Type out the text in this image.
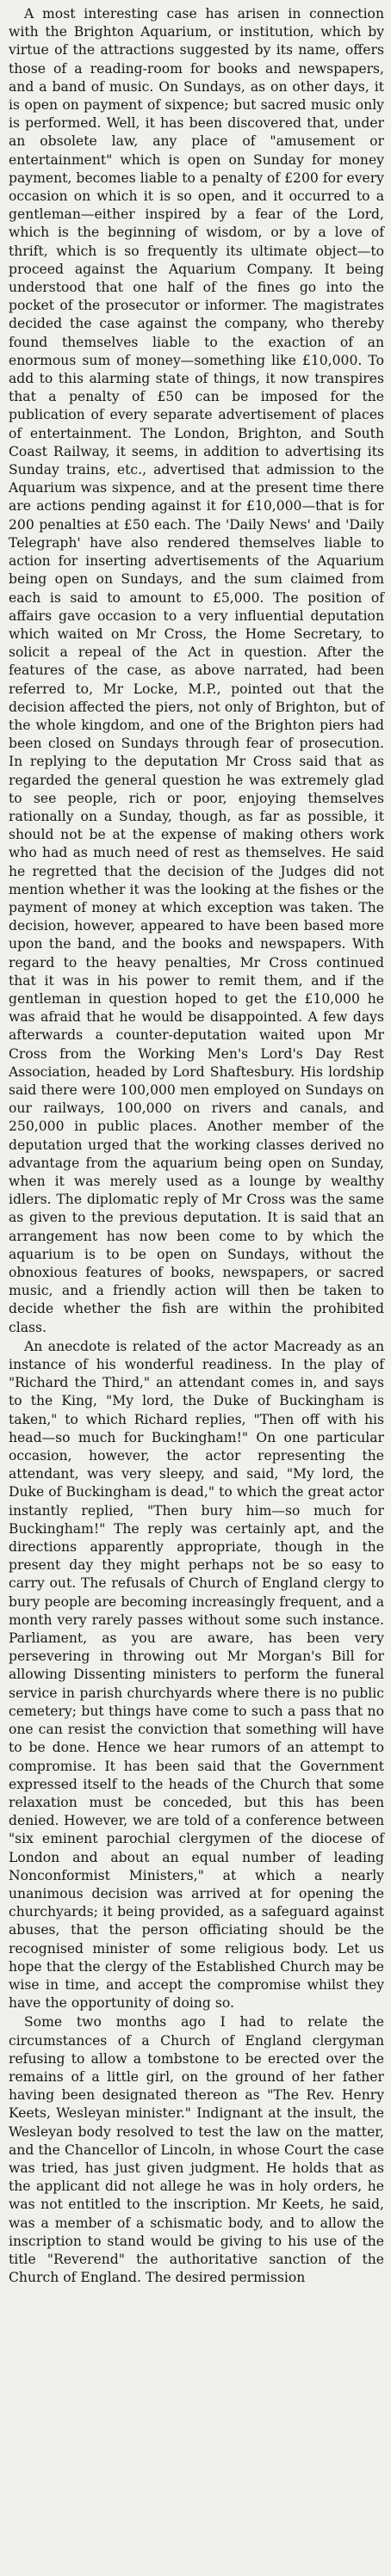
A most interesting case has arisen in connection with the Brighton Aquarium, or institution, which by virtue of the attractions suggested by its name, offers those of a reading-room for books and newspapers, and a band of music. On Sundays, as on other days, it is open on payment of sixpence; but sacred music only is performed. Well, it has been discovered that, under an obsolete law, any place of "amusement or entertainment" which is open on Sunday for money payment, becomes liable to a penalty of £200 for every occasion on which it is so open, and it occurred to a gentleman—either inspired by a fear of the Lord, which is the beginning of wisdom, or by a love of thrift, which is so frequently its ultimate object—to proceed against the Aquarium Company. It being understood that one half of the fines go into the pocket of the prosecutor or informer. The magistrates decided the case against the company, who thereby found themselves liable to the exaction of an enormous sum of money—something like £10,000. To add to this alarming state of things, it now transpires that a penalty of £50 can be imposed for the publication of every separate advertisement of places of entertainment. The London, Brighton, and South Coast Railway, it seems, in addition to advertising its Sunday trains, etc., advertised that admission to the Aquarium was sixpence, and at the present time there are actions pending against it for £10,000—that is for 200 penalties at £50 each. The 'Daily News' and 'Daily Telegraph' have also rendered themselves liable to action for inserting advertisements of the Aquarium being open on Sundays, and the sum claimed from each is said to amount to £5,000. The position of affairs gave occasion to a very influential deputation which waited on Mr Cross, the Home Secretary, to solicit a repeal of the Act in question. After the features of the case, as above narrated, had been referred to, Mr Locke, M.P., pointed out that the decision affected the piers, not only of Brighton, but of the whole kingdom, and one of the Brighton piers had been closed on Sundays through fear of prosecution. In replying to the deputation Mr Cross said that as regarded the general question he was extremely glad to see people, rich or poor, enjoying themselves rationally on a Sunday, though, as far as possible, it should not be at the expense of making others work who had as much need of rest as themselves. He said he regretted that the decision of the Judges did not mention whether it was the looking at the fishes or the payment of money at which exception was taken. The decision, however, appeared to have been based more upon the band, and the books and newspapers. With regard to the heavy penalties, Mr Cross continued that it was in his power to remit them, and if the gentleman in question hoped to get the £10,000 he was afraid that he would be disappointed. A few days afterwards a counter-deputation waited upon Mr Cross from the Working Men's Lord's Day Rest Association, headed by Lord Shaftesbury. His lordship said there were 100,000 men employed on Sundays on our railways, 100,000 on rivers and canals, and 250,000 in public places. Another member of the deputation urged that the working classes derived no advantage from the aquarium being open on Sunday, when it was merely used as a lounge by wealthy idlers. The diplomatic reply of Mr Cross was the same as given to the previous deputation. It is said that an arrangement has now been come to by which the aquarium is to be open on Sundays, without the obnoxious features of books, newspapers, or sacred music, and a friendly action will then be taken to decide whether the fish are within the prohibited class.

An anecdote is related of the actor Macready as an instance of his wonderful readiness. In the play of "Richard the Third," an attendant comes in, and says to the King, "My lord, the Duke of Buckingham is taken," to which Richard replies, "Then off with his head—so much for Buckingham!" On one particular occasion, however, the actor representing the attendant, was very sleepy, and said, "My lord, the Duke of Buckingham is dead," to which the great actor instantly replied, "Then bury him—so much for Buckingham!" The reply was certainly apt, and the directions apparently appropriate, though in the present day they might perhaps not be so easy to carry out. The refusals of Church of England clergy to bury people are becoming increasingly frequent, and a month very rarely passes without some such instance. Parliament, as you are aware, has been very persevering in throwing out Mr Morgan's Bill for allowing Dissenting ministers to perform the funeral service in parish churchyards where there is no public cemetery; but things have come to such a pass that no one can resist the conviction that something will have to be done. Hence we hear rumors of an attempt to compromise. It has been said that the Government expressed itself to the heads of the Church that some relaxation must be conceded, but this has been denied. However, we are told of a conference between "six eminent parochial clergymen of the diocese of London and about an equal number of leading Nonconformist Ministers," at which a nearly unanimous decision was arrived at for opening the churchyards; it being provided, as a safeguard against abuses, that the person officiating should be the recognised minister of some religious body. Let us hope that the clergy of the Established Church may be wise in time, and accept the compromise whilst they have the opportunity of doing so.

Some two months ago I had to relate the circumstances of a Church of England clergyman refusing to allow a tombstone to be erected over the remains of a little girl, on the ground of her father having been designated thereon as "The Rev. Henry Keets, Wesleyan minister." Indignant at the insult, the Wesleyan body resolved to test the law on the matter, and the Chancellor of Lincoln, in whose Court the case was tried, has just given judgment. He holds that as the applicant did not allege he was in holy orders, he was not entitled to the inscription. Mr Keets, he said, was a member of a schismatic body, and to allow the inscription to stand would be giving to his use of the title "Reverend" the authoritative sanction of the Church of England. The desired permission
